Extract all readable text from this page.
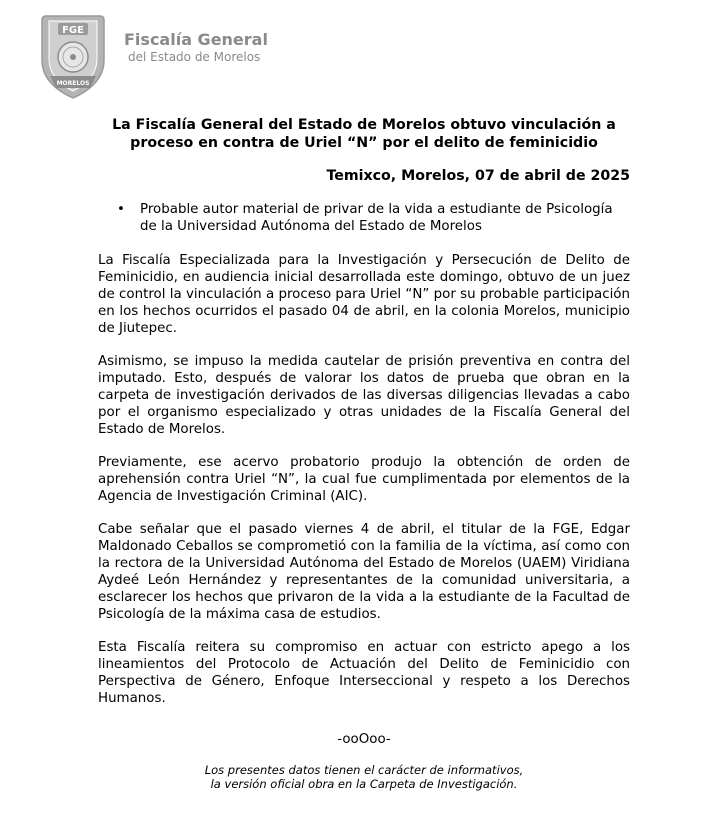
FGE
MORELOS
Fiscalía General
del Estado de Morelos
La Fiscalía General del Estado de Morelos obtuvo vinculación a
proceso en contra de Uriel “N” por el delito de feminicidio

Temixco, Morelos, 07 de abril de 2025

• Probable autor material de privar de la vida a estudiante de Psicología de la Universidad Autónoma del Estado de Morelos

La Fiscalía Especializada para la Investigación y Persecución de Delito de Feminicidio, en audiencia inicial desarrollada este domingo, obtuvo de un juez de control la vinculación a proceso para Uriel “N” por su probable participación en los hechos ocurridos el pasado 04 de abril, en la colonia Morelos, municipio de Jiutepec.

Asimismo, se impuso la medida cautelar de prisión preventiva en contra del imputado. Esto, después de valorar los datos de prueba que obran en la carpeta de investigación derivados de las diversas diligencias llevadas a cabo por el organismo especializado y otras unidades de la Fiscalía General del Estado de Morelos.

Previamente, ese acervo probatorio produjo la obtención de orden de aprehensión contra Uriel “N”, la cual fue cumplimentada por elementos de la Agencia de Investigación Criminal (AIC).

Cabe señalar que el pasado viernes 4 de abril, el titular de la FGE, Edgar Maldonado Ceballos se comprometió con la familia de la víctima, así como con la rectora de la Universidad Autónoma del Estado de Morelos (UAEM) Viridiana Aydeé León Hernández y representantes de la comunidad universitaria, a esclarecer los hechos que privaron de la vida a la estudiante de la Facultad de Psicología de la máxima casa de estudios.

Esta Fiscalía reitera su compromiso en actuar con estricto apego a los lineamientos del Protocolo de Actuación del Delito de Feminicidio con Perspectiva de Género, Enfoque Interseccional y respeto a los Derechos Humanos.

-ooOoo-

Los presentes datos tienen el carácter de informativos,
la versión oficial obra en la Carpeta de Investigación.
